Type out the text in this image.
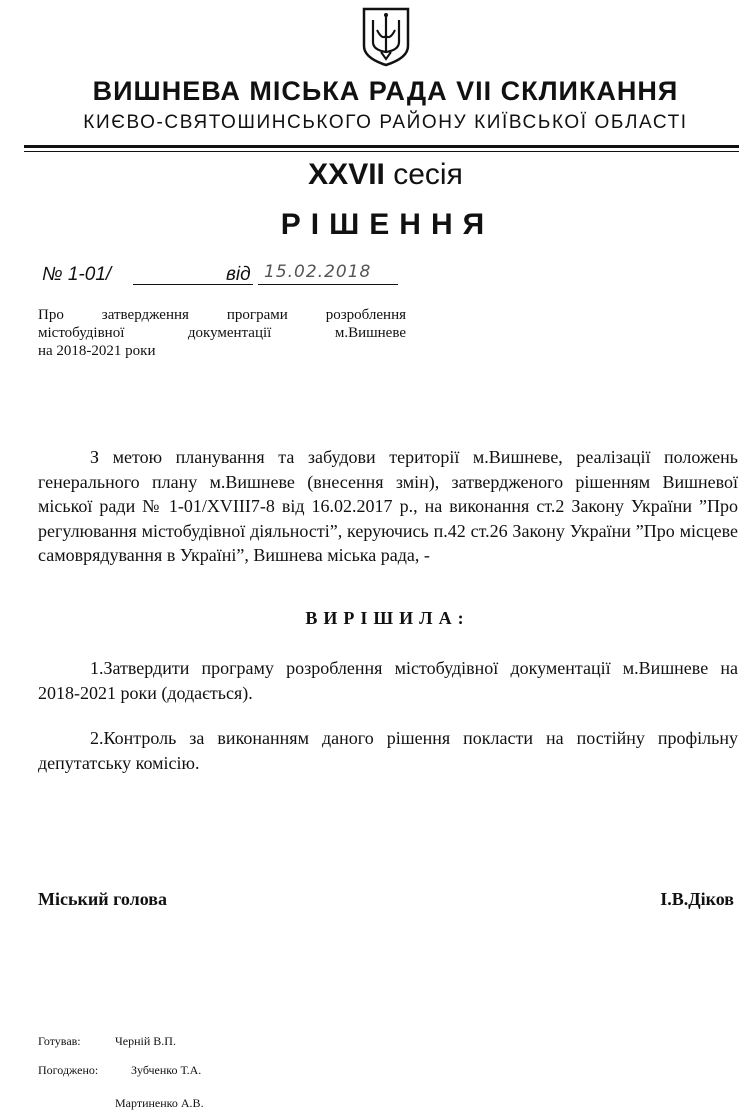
ВИШНЕВА МІСЬКА РАДА VII СКЛИКАННЯ
КИЄВО-СВЯТОШИНСЬКОГО РАЙОНУ КИЇВСЬКОЇ ОБЛАСТІ
XXVII сесія
РІШЕННЯ
№ 1-01/	від 15.02.2018
Про затвердження програми розроблення
містобудівної документації м.Вишневе
на 2018-2021 роки
З метою планування та забудови території м.Вишневе, реалізації положень генерального плану м.Вишневе (внесення змін), затвердженого рішенням Вишневої міської ради № 1-01/XVIII7-8 від 16.02.2017 р., на виконання ст.2 Закону України ”Про регулювання містобудівної діяльності”, керуючись п.42 ст.26 Закону України ”Про місцеве самоврядування в Україні”, Вишнева міська рада, -
ВИРІШИЛА:
1.Затвердити програму розроблення містобудівної документації м.Вишневе на 2018-2021 роки (додається).
2.Контроль за виконанням даного рішення покласти на постійну профільну депутатську комісію.
Міський голова	І.В.Діков
Готував:	Черній В.П.
Погоджено:	Зубченко Т.А.
Мартиненко А.В.
